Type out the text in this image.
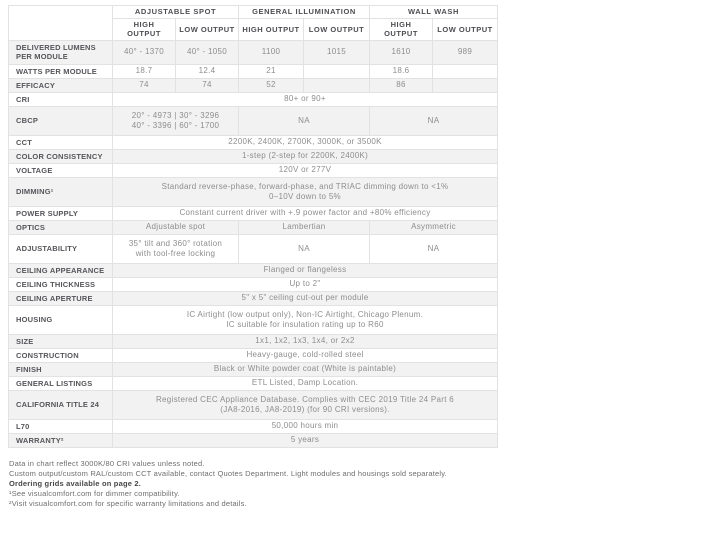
	ADJUSTABLE SPOT		GENERAL ILLUMINATION		WALL WASH	
	HIGH OUTPUT	LOW OUTPUT	HIGH OUTPUT	LOW OUTPUT	HIGH OUTPUT	LOW OUTPUT
DELIVERED LUMENS PER MODULE	40° - 1370	40° - 1050	1100	1015	1610	989
WATTS PER MODULE	18.7	12.4	21		18.6	
EFFICACY	74	74	52		86	
CRI	80+ or 90+					
CBCP	20° - 4973 | 30° - 3296
40° - 3396 | 60° - 1700		NA		NA	
CCT	2200K, 2400K, 2700K, 3000K, or 3500K					
COLOR CONSISTENCY	1-step (2-step for 2200K, 2400K)					
VOLTAGE	120V or 277V					
DIMMING¹	Standard reverse-phase, forward-phase, and TRIAC dimming down to <1%
0–10V down to 5%					

POWER SUPPLY	Constant current driver with +.9 power factor and +80% efficiency					
OPTICS	Adjustable spot		Lambertian		Asymmetric	
ADJUSTABILITY	35° tilt and 360° rotation
with tool-free locking		NA		NA	
CEILING APPEARANCE	Flanged or flangeless					
CEILING THICKNESS	Up to 2"					
CEILING APERTURE	5" x 5" ceiling cut-out per module					
HOUSING	IC Airtight (low output only), Non-IC Airtight, Chicago Plenum.
IC suitable for insulation rating up to R60					

SIZE	1x1, 1x2, 1x3, 1x4, or 2x2					
CONSTRUCTION	Heavy-gauge, cold-rolled steel					
FINISH	Black or White powder coat (White is paintable)					
GENERAL LISTINGS	ETL Listed, Damp Location.					
CALIFORNIA TITLE 24	Registered CEC Appliance Database. Complies with CEC 2019 Title 24 Part 6
(JA8-2016, JA8-2019) (for 90 CRI versions).					

L70	50,000 hours min					
WARRANTY²	5 years					
Data in chart reflect 3000K/80 CRI values unless noted.
Custom output/custom RAL/custom CCT available, contact Quotes Department. Light modules and housings sold separately.
Ordering grids available on page 2.
¹See visualcomfort.com for dimmer compatibility.
²Visit visualcomfort.com for specific warranty limitations and details.
